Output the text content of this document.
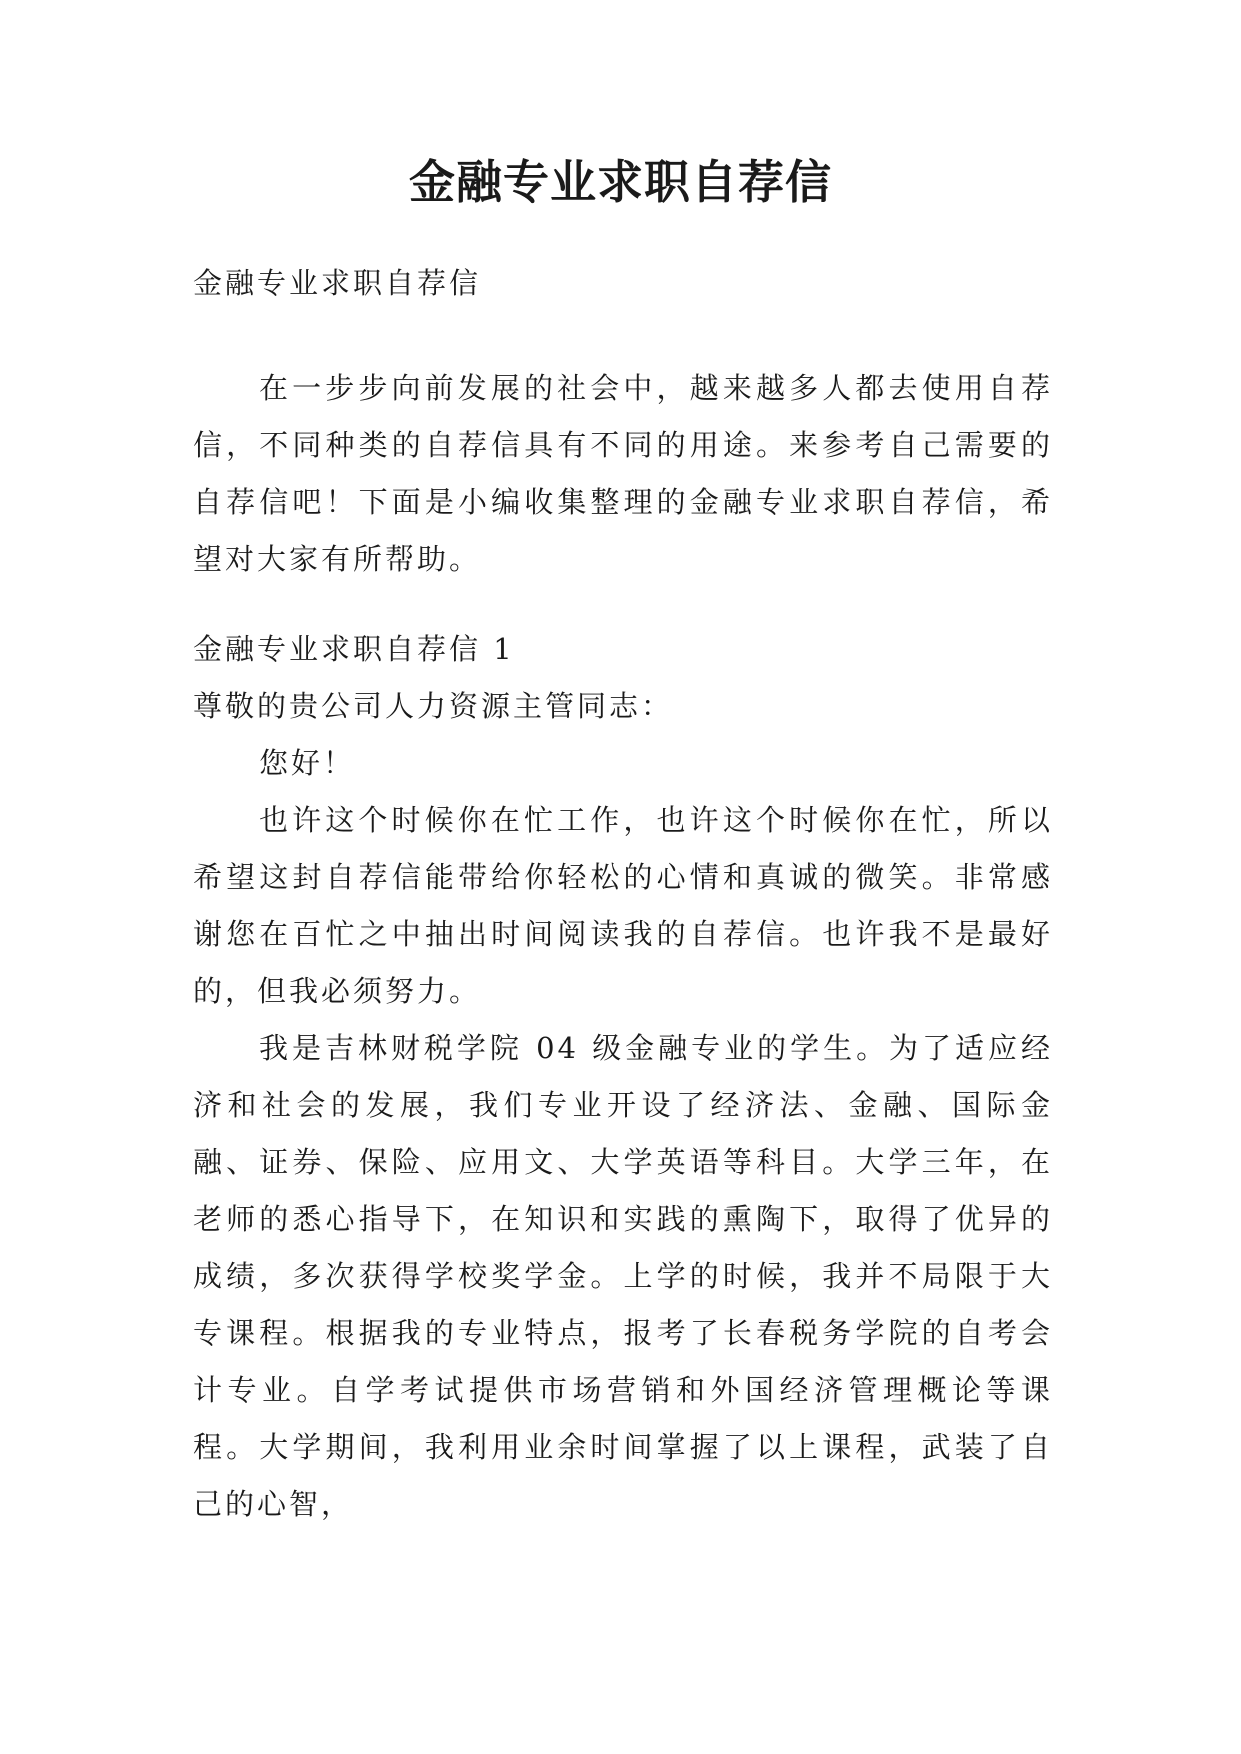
金融专业求职自荐信

金融专业求职自荐信

在一步步向前发展的社会中，越来越多人都去使用自荐信，不同种类的自荐信具有不同的用途。来参考自己需要的自荐信吧！下面是小编收集整理的金融专业求职自荐信，希望对大家有所帮助。

金融专业求职自荐信 1

尊敬的贵公司人力资源主管同志：

您好！

也许这个时候你在忙工作，也许这个时候你在忙，所以希望这封自荐信能带给你轻松的心情和真诚的微笑。非常感谢您在百忙之中抽出时间阅读我的自荐信。也许我不是最好的，但我必须努力。

我是吉林财税学院 04 级金融专业的学生。为了适应经济和社会的发展，我们专业开设了经济法、金融、国际金融、证券、保险、应用文、大学英语等科目。大学三年，在老师的悉心指导下，在知识和实践的熏陶下，取得了优异的成绩，多次获得学校奖学金。上学的时候，我并不局限于大专课程。根据我的专业特点，报考了长春税务学院的自考会计专业。自学考试提供市场营销和外国经济管理概论等课程。大学期间，我利用业余时间掌握了以上课程，武装了自己的心智，
